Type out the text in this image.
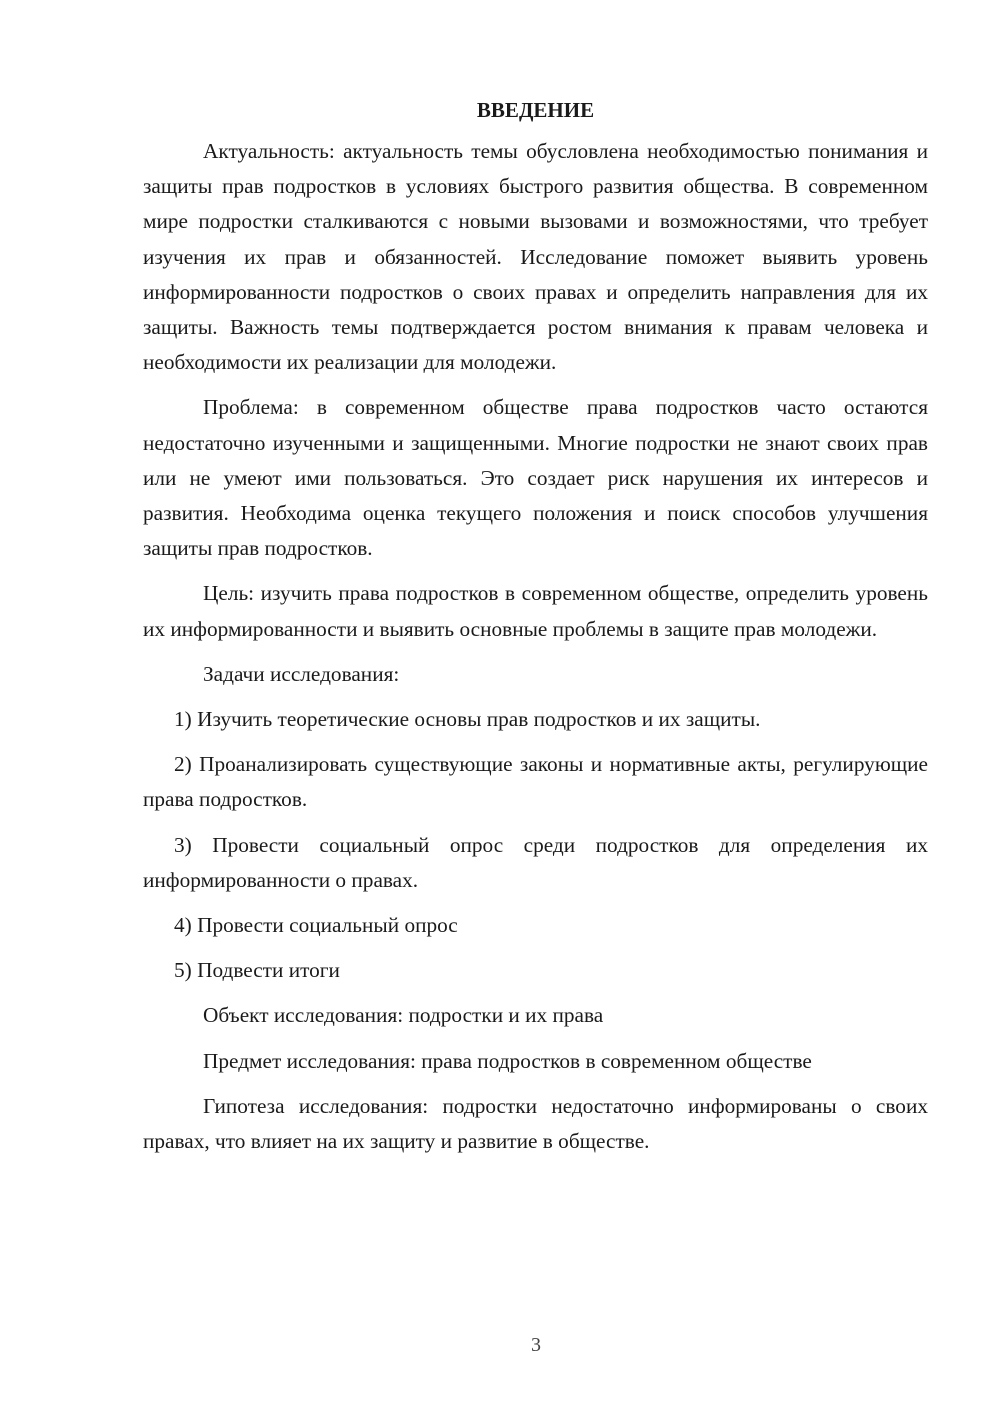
ВВЕДЕНИЕ

Актуальность: актуальность темы обусловлена необходимостью понимания и защиты прав подростков в условиях быстрого развития общества. В современном мире подростки сталкиваются с новыми вызовами и возможностями, что требует изучения их прав и обязанностей. Исследование поможет выявить уровень информированности подростков о своих правах и определить направления для их защиты. Важность темы подтверждается ростом внимания к правам человека и необходимости их реализации для молодежи.

Проблема: в современном обществе права подростков часто остаются недостаточно изученными и защищенными. Многие подростки не знают своих прав или не умеют ими пользоваться. Это создает риск нарушения их интересов и развития. Необходима оценка текущего положения и поиск способов улучшения защиты прав подростков.

Цель: изучить права подростков в современном обществе, определить уровень их информированности и выявить основные проблемы в защите прав молодежи.

Задачи исследования:

1) Изучить теоретические основы прав подростков и их защиты.

2) Проанализировать существующие законы и нормативные акты, регулирующие права подростков.

3) Провести социальный опрос среди подростков для определения их информированности о правах.

4) Провести социальный опрос

5) Подвести итоги

Объект исследования: подростки и их права

Предмет исследования: права подростков в современном обществе

Гипотеза исследования: подростки недостаточно информированы о своих правах, что влияет на их защиту и развитие в обществе.

3
